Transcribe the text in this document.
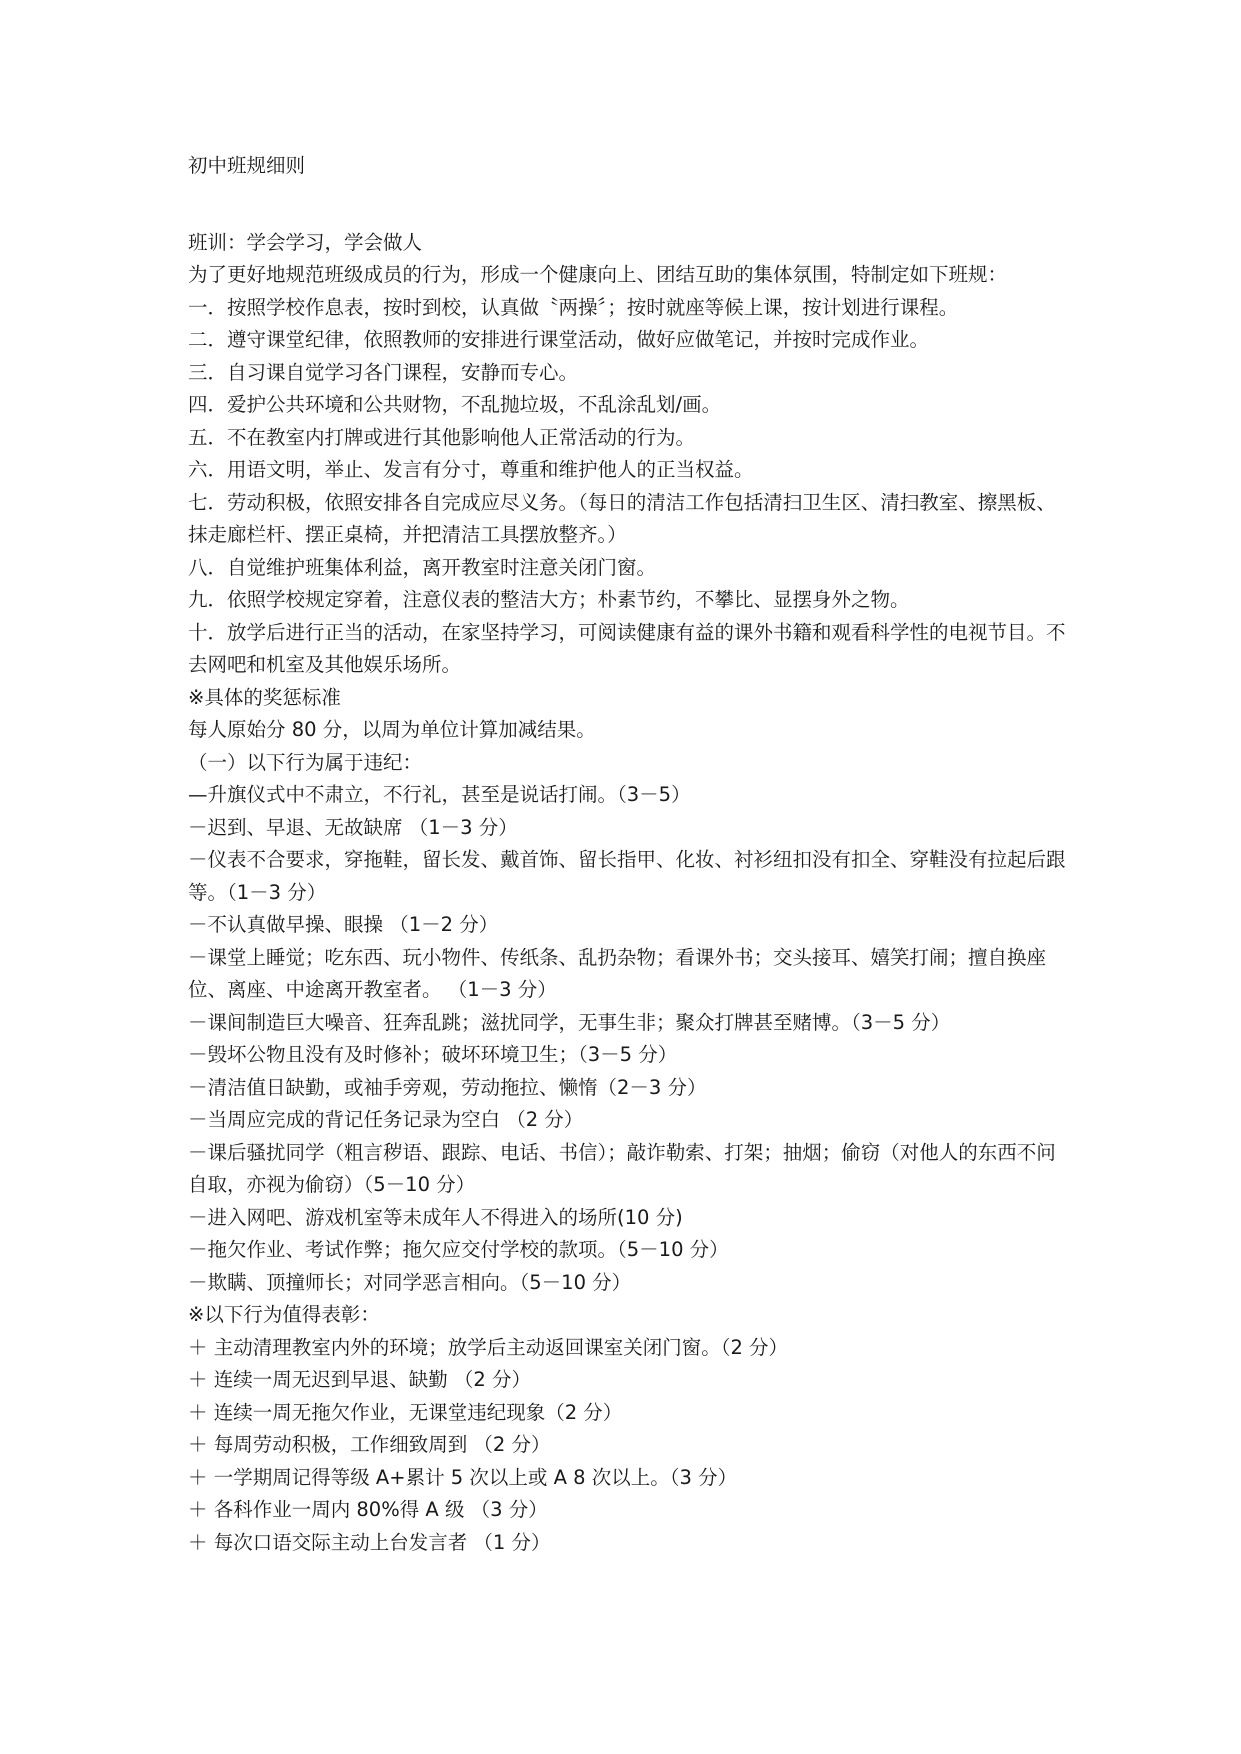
初中班规细则

班训：学会学习，学会做人

为了更好地规范班级成员的行为，形成一个健康向上、团结互助的集体氛围，特制定如下班规：

一．按照学校作息表，按时到校，认真做〝两操〞；按时就座等候上课，按计划进行课程。

二．遵守课堂纪律，依照教师的安排进行课堂活动，做好应做笔记，并按时完成作业。

三．自习课自觉学习各门课程，安静而专心。

四．爱护公共环境和公共财物，不乱抛垃圾，不乱涂乱划/画。

五．不在教室内打牌或进行其他影响他人正常活动的行为。

六．用语文明，举止、发言有分寸，尊重和维护他人的正当权益。

七．劳动积极，依照安排各自完成应尽义务。（每日的清洁工作包括清扫卫生区、清扫教室、擦黑板、抹走廊栏杆、摆正桌椅，并把清洁工具摆放整齐。）

八．自觉维护班集体利益，离开教室时注意关闭门窗。

九．依照学校规定穿着，注意仪表的整洁大方；朴素节约，不攀比、显摆身外之物。

十．放学后进行正当的活动，在家坚持学习，可阅读健康有益的课外书籍和观看科学性的电视节目。不去网吧和机室及其他娱乐场所。

※具体的奖惩标准

每人原始分 80 分，以周为单位计算加减结果。

（一）以下行为属于违纪：

—升旗仪式中不肃立，不行礼，甚至是说话打闹。（3－5）

－迟到、早退、无故缺席 （1－3 分）

－仪表不合要求，穿拖鞋，留长发、戴首饰、留长指甲、化妆、衬衫纽扣没有扣全、穿鞋没有拉起后跟等。（1－3 分）

－不认真做早操、眼操 （1－2 分）

－课堂上睡觉；吃东西、玩小物件、传纸条、乱扔杂物；看课外书；交头接耳、嬉笑打闹；擅自换座位、离座、中途离开教室者。 （1－3 分）

－课间制造巨大噪音、狂奔乱跳；滋扰同学，无事生非；聚众打牌甚至赌博。（3－5 分）

－毁坏公物且没有及时修补；破坏环境卫生；（3－5 分）

－清洁值日缺勤，或袖手旁观，劳动拖拉、懒惰（2－3 分）

－当周应完成的背记任务记录为空白 （2 分）

－课后骚扰同学（粗言秽语、跟踪、电话、书信）；敲诈勒索、打架；抽烟；偷窃（对他人的东西不问自取，亦视为偷窃）（5－10 分）

－进入网吧、游戏机室等未成年人不得进入的场所(10 分)

－拖欠作业、考试作弊；拖欠应交付学校的款项。（5－10 分）

－欺瞒、顶撞师长；对同学恶言相向。（5－10 分）

※以下行为值得表彰：

＋ 主动清理教室内外的环境；放学后主动返回课室关闭门窗。（2 分）

＋ 连续一周无迟到早退、缺勤 （2 分）

＋ 连续一周无拖欠作业，无课堂违纪现象（2 分）

＋ 每周劳动积极，工作细致周到 （2 分）

＋ 一学期周记得等级 A+累计 5 次以上或 A 8 次以上。（3 分）

＋ 各科作业一周内 80%得 A 级 （3 分）

＋ 每次口语交际主动上台发言者 （1 分）
